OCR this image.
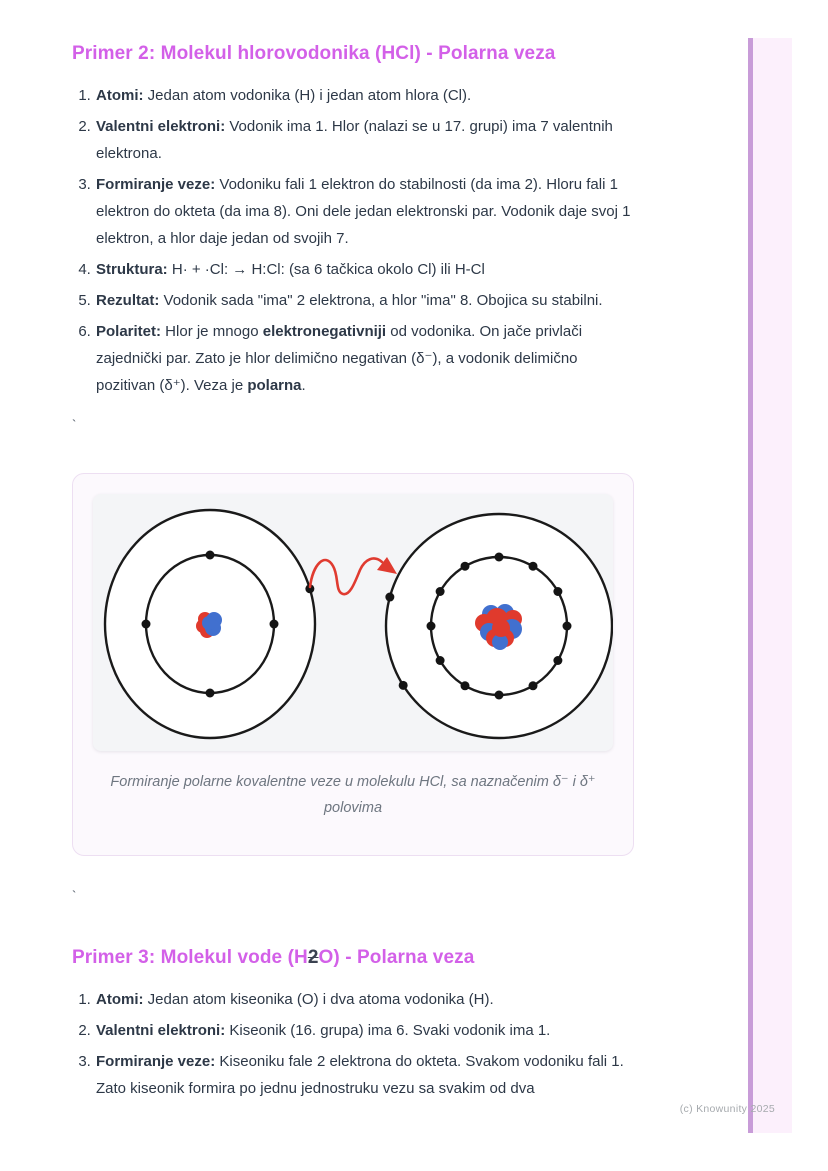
Primer 2: Molekul hlorovodonika (HCl) - Polarna veza
1. Atomi: Jedan atom vodonika (H) i jedan atom hlora (Cl).
2. Valentni elektroni: Vodonik ima 1. Hlor (nalazi se u 17. grupi) ima 7 valentnih elektrona.
3. Formiranje veze: Vodoniku fali 1 elektron do stabilnosti (da ima 2). Hloru fali 1 elektron do okteta (da ima 8). Oni dele jedan elektronski par. Vodonik daje svoj 1 elektron, a hlor daje jedan od svojih 7.
4. Struktura: H· + ·Cl: → H:Cl: (sa 6 tačkica okolo Cl) ili H-Cl
5. Rezultat: Vodonik sada "ima" 2 elektrona, a hlor "ima" 8. Obojica su stabilni.
6. Polaritet: Hlor je mnogo elektronegativniji od vodonika. On jače privlači zajednički par. Zato je hlor delimično negativan (δ⁻), a vodonik delimično pozitivan (δ⁺). Veza je polarna.
`
Formiranje polarne kovalentne veze u molekulu HCl, sa naznačenim δ⁻ i δ⁺ polovima
`
Primer 3: Molekul vode (H2O) - Polarna veza
1. Atomi: Jedan atom kiseonika (O) i dva atoma vodonika (H).
2. Valentni elektroni: Kiseonik (16. grupa) ima 6. Svaki vodonik ima 1.
3. Formiranje veze: Kiseoniku fale 2 elektrona do okteta. Svakom vodoniku fali 1. Zato kiseonik formira po jednu jednostruku vezu sa svakim od dva
(c) Knowunity 2025
